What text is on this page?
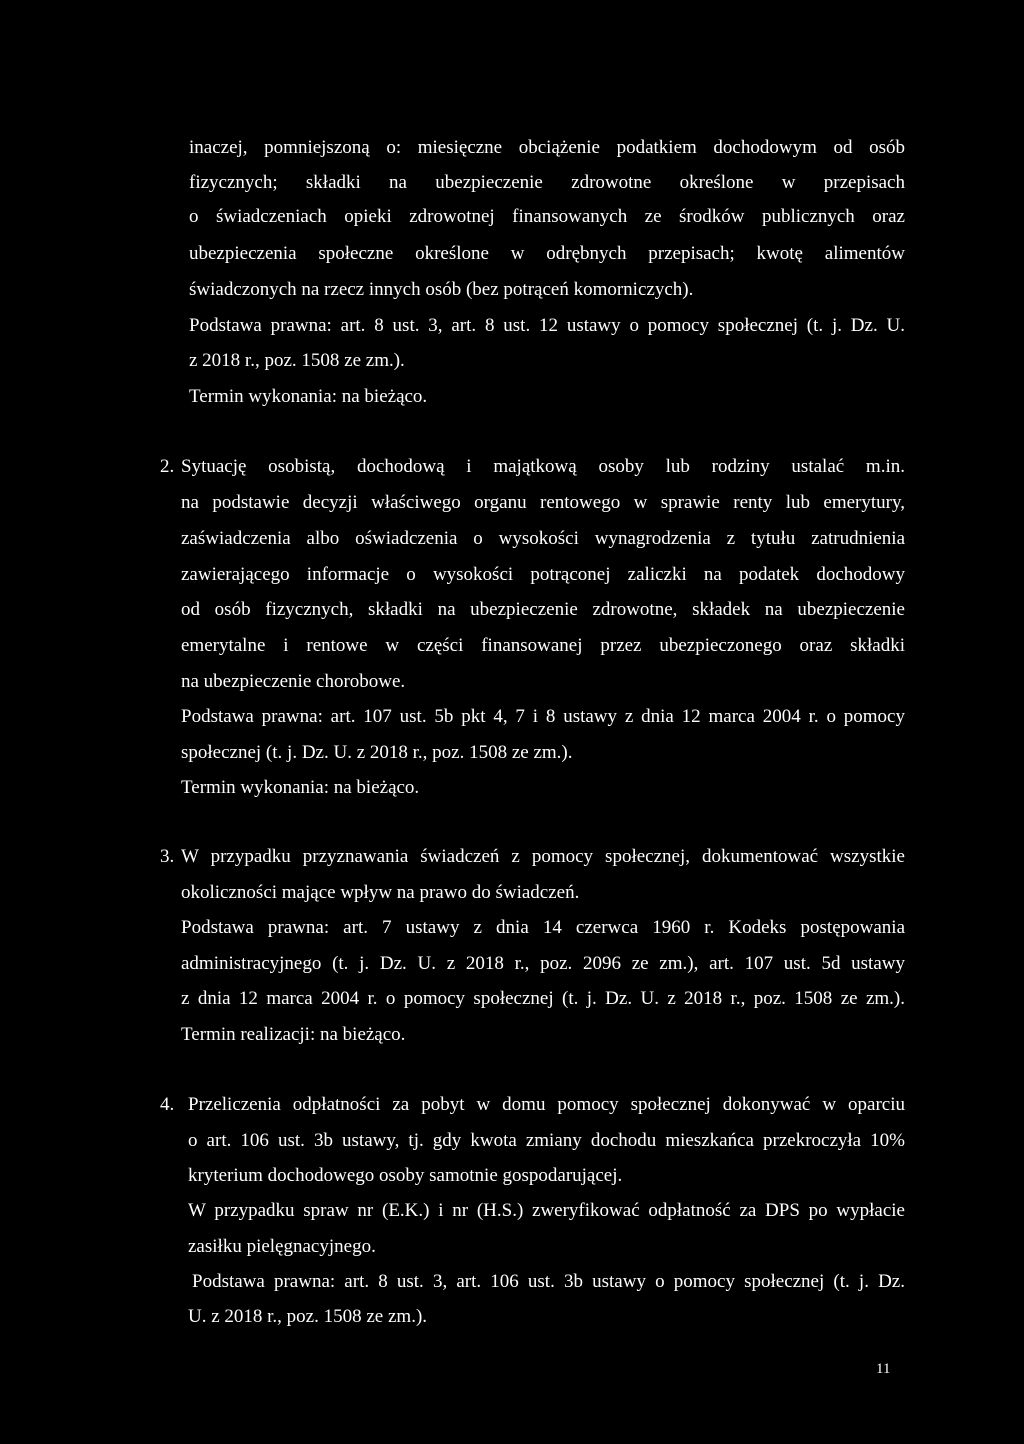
inaczej, pomniejszoną o: miesięczne obciążenie podatkiem dochodowym od osób
fizycznych; składki na ubezpieczenie zdrowotne określone w przepisach
o świadczeniach opieki zdrowotnej finansowanych ze środków publicznych oraz
ubezpieczenia społeczne określone w odrębnych przepisach; kwotę alimentów
świadczonych na rzecz innych osób (bez potrąceń komorniczych).
Podstawa prawna: art. 8 ust. 3, art. 8 ust. 12 ustawy o pomocy społecznej (t. j. Dz. U.
z 2018 r., poz. 1508 ze zm.).
Termin wykonania: na bieżąco.
2. Sytuację osobistą, dochodową i majątkową osoby lub rodziny ustalać m.in.
na podstawie decyzji właściwego organu rentowego w sprawie renty lub emerytury,
zaświadczenia albo oświadczenia o wysokości wynagrodzenia z tytułu zatrudnienia
zawierającego informacje o wysokości potrąconej zaliczki na podatek dochodowy
od osób fizycznych, składki na ubezpieczenie zdrowotne, składek na ubezpieczenie
emerytalne i rentowe w części finansowanej przez ubezpieczonego oraz składki
na ubezpieczenie chorobowe.
Podstawa prawna: art. 107 ust. 5b pkt 4, 7 i 8 ustawy z dnia 12 marca 2004 r. o pomocy
społecznej (t. j. Dz. U. z 2018 r., poz. 1508 ze zm.).
Termin wykonania: na bieżąco.
3. W przypadku przyznawania świadczeń z pomocy społecznej, dokumentować wszystkie
okoliczności mające wpływ na prawo do świadczeń.
Podstawa prawna: art. 7 ustawy z dnia 14 czerwca 1960 r. Kodeks postępowania
administracyjnego (t. j. Dz. U. z 2018 r., poz. 2096 ze zm.), art. 107 ust. 5d ustawy
z dnia 12 marca 2004 r. o pomocy społecznej (t. j. Dz. U. z 2018 r., poz. 1508 ze zm.).
Termin realizacji: na bieżąco.
4. Przeliczenia odpłatności za pobyt w domu pomocy społecznej dokonywać w oparciu
o art. 106 ust. 3b ustawy, tj. gdy kwota zmiany dochodu mieszkańca przekroczyła 10%
kryterium dochodowego osoby samotnie gospodarującej.
W przypadku spraw nr (E.K.) i nr (H.S.) zweryfikować odpłatność za DPS po wypłacie
zasiłku pielęgnacyjnego.
Podstawa prawna: art. 8 ust. 3, art. 106 ust. 3b ustawy o pomocy społecznej (t. j. Dz.
U. z 2018 r., poz. 1508 ze zm.).
11
